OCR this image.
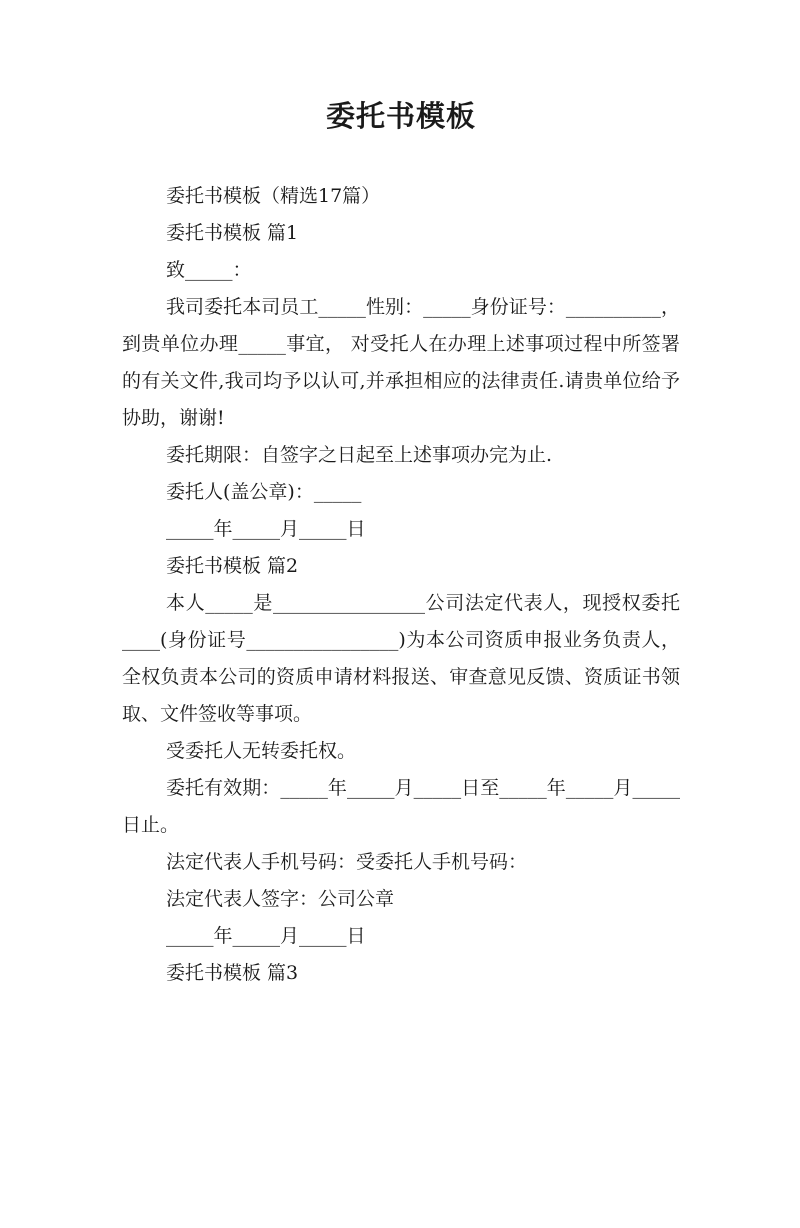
委托书模板

委托书模板（精选17篇）

委托书模板 篇1

致_____：

我司委托本司员工_____性别：_____身份证号：__________， 到贵单位办理_____事宜， 对受托人在办理上述事项过程中所签署的有关文件,我司均予以认可,并承担相应的法律责任.请贵单位给予协助，谢谢!

委托期限：自签字之日起至上述事项办完为止.

委托人(盖公章)：_____

_____年_____月_____日

委托书模板 篇2

本人_____是________________公司法定代表人，现授权委托____(身份证号________________)为本公司资质申报业务负责人，全权负责本公司的资质申请材料报送、审查意见反馈、资质证书领取、文件签收等事项。

受委托人无转委托权。

委托有效期：_____年_____月_____日至_____年_____月_____日止。

法定代表人手机号码：受委托人手机号码：

法定代表人签字：公司公章

_____年_____月_____日

委托书模板 篇3
